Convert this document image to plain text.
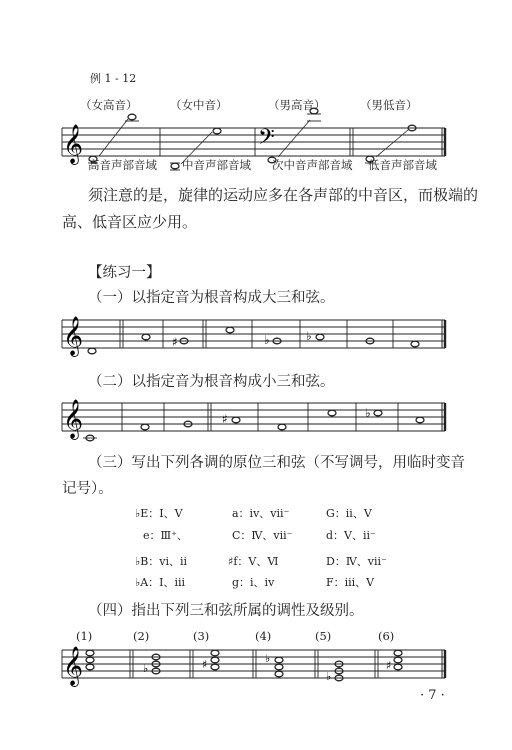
例 1 - 12
（女高音）	（女中音）	（男高音）	（男低音）
𝄞	𝄢
高音声部音域 中音声部音域 次中音声部音域 低音声部音域
须注意的是，旋律的运动应多在各声部的中音区，而极端的
高、低音区应少用。
【练习一】
（一）以指定音为根音构成大三和弦。
𝄞	♯	♭	♭
（二）以指定音为根音构成小三和弦。
𝄞	♯	♭
（三）写出下列各调的原位三和弦（不写调号，用临时变音
记号）。
♭E：Ⅰ、Ⅴ	a：iv、vii⁻	G：ii、Ⅴ
e：Ⅲ⁺、	C：Ⅳ、vii⁻	d：Ⅴ、ii⁻
♭B：vi、ii	♯f：Ⅴ、Ⅵ	D：Ⅳ、vii⁻
♭A：Ⅰ、iii	g：i、iv	F：iii、Ⅴ
（四）指出下列三和弦所属的调性及级别。
(1)	(2)	(3)	(4)	(5)	(6)
𝄞	♭	♯	♭
♭
♯
· 7 ·
